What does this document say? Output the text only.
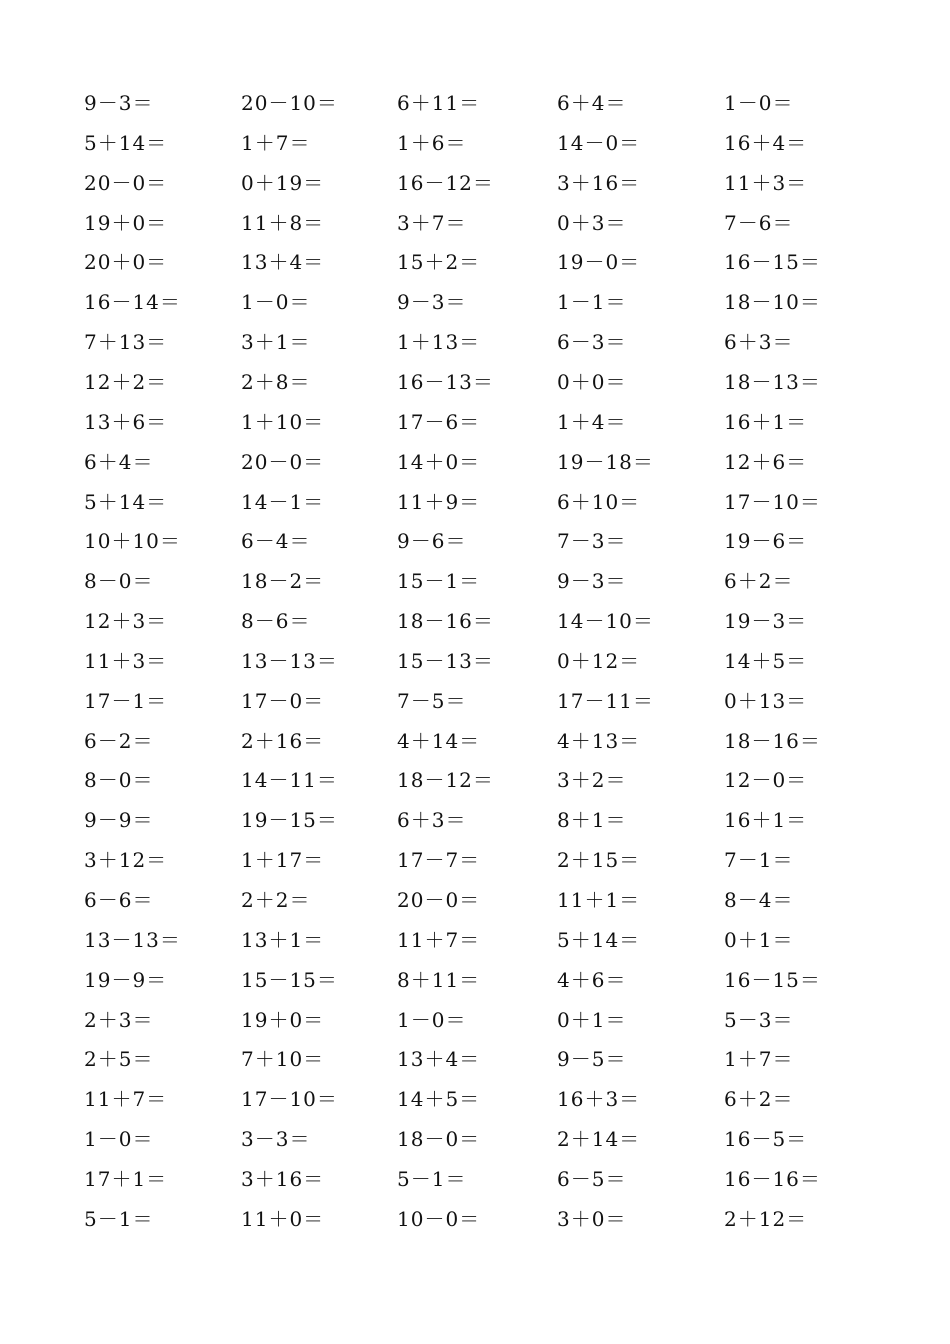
9－3＝	20－10＝	6＋11＝	6＋4＝	1－0＝
5＋14＝	1＋7＝	1＋6＝	14－0＝	16＋4＝
20－0＝	0＋19＝	16－12＝	3＋16＝	11＋3＝
19＋0＝	11＋8＝	3＋7＝	0＋3＝	7－6＝
20＋0＝	13＋4＝	15＋2＝	19－0＝	16－15＝
16－14＝	1－0＝	9－3＝	1－1＝	18－10＝
7＋13＝	3＋1＝	1＋13＝	6－3＝	6＋3＝
12＋2＝	2＋8＝	16－13＝	0＋0＝	18－13＝
13＋6＝	1＋10＝	17－6＝	1＋4＝	16＋1＝
6＋4＝	20－0＝	14＋0＝	19－18＝	12＋6＝
5＋14＝	14－1＝	11＋9＝	6＋10＝	17－10＝
10＋10＝	6－4＝	9－6＝	7－3＝	19－6＝
8－0＝	18－2＝	15－1＝	9－3＝	6＋2＝
12＋3＝	8－6＝	18－16＝	14－10＝	19－3＝
11＋3＝	13－13＝	15－13＝	0＋12＝	14＋5＝
17－1＝	17－0＝	7－5＝	17－11＝	0＋13＝
6－2＝	2＋16＝	4＋14＝	4＋13＝	18－16＝
8－0＝	14－11＝	18－12＝	3＋2＝	12－0＝
9－9＝	19－15＝	6＋3＝	8＋1＝	16＋1＝
3＋12＝	1＋17＝	17－7＝	2＋15＝	7－1＝
6－6＝	2＋2＝	20－0＝	11＋1＝	8－4＝
13－13＝	13＋1＝	11＋7＝	5＋14＝	0＋1＝
19－9＝	15－15＝	8＋11＝	4＋6＝	16－15＝
2＋3＝	19＋0＝	1－0＝	0＋1＝	5－3＝
2＋5＝	7＋10＝	13＋4＝	9－5＝	1＋7＝
11＋7＝	17－10＝	14＋5＝	16＋3＝	6＋2＝
1－0＝	3－3＝	18－0＝	2＋14＝	16－5＝
17＋1＝	3＋16＝	5－1＝	6－5＝	16－16＝
5－1＝	11＋0＝	10－0＝	3＋0＝	2＋12＝
